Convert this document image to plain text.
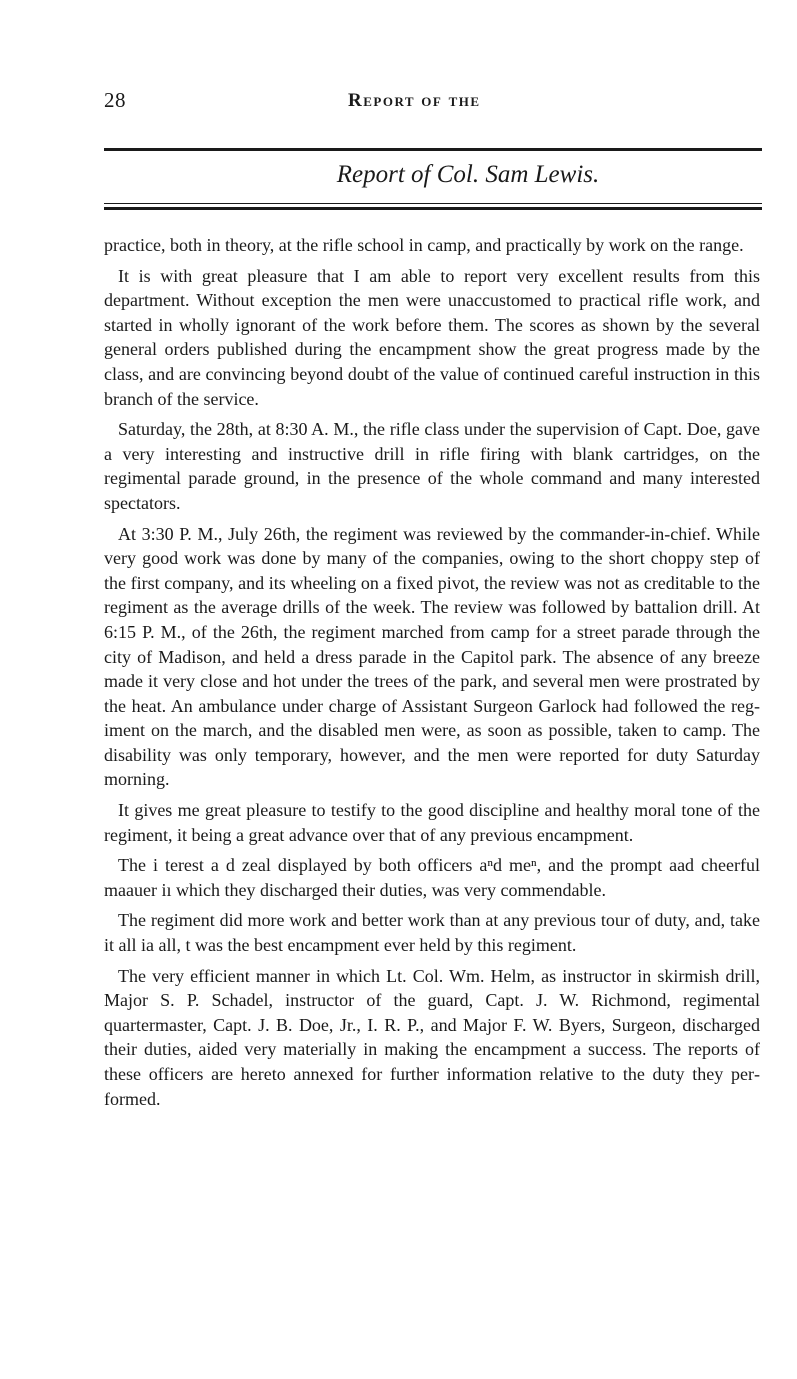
28	Report of the
Report of Col. Sam Lewis.

practice, both in theory, at the rifle school in camp, and practically by work on the range.

It is with great pleasure that I am able to report very excellent results from this department. Without exception the men were unaccustomed to practical rifle work, and started in wholly ignorant of the work before them. The scores as shown by the several general orders published during the encampment show the great progress made by the class, and are convincing beyond doubt of the value of continued careful instruction in this branch of the service.

Saturday, the 28th, at 8:30 A. M., the rifle class under the supervision of Capt. Doe, gave a very interesting and instructive drill in rifle firing with blank cartridges, on the regimental parade ground, in the presence of the whole command and many interested spectators.

At 3:30 P. M., July 26th, the regiment was reviewed by the commander-in-chief. While very good work was done by many of the companies, owing to the short choppy step of the first company, and its wheeling on a fixed pivot, the review was not as creditable to the regiment as the average drills of the week. The review was followed by battalion drill. At 6:15 P. M., of the 26th, the regiment marched from camp for a street parade through the city of Madison, and held a dress parade in the Capitol park. The absence of any breeze made it very close and hot under the trees of the park, and several men were prostrated by the heat. An ambulance under charge of Assistant Surgeon Garlock had followed the regiment on the march, and the disabled men were, as soon as possible, taken to camp. The disability was only temporary, however, and the men were reported for duty Saturday morning.

It gives me great pleasure to testify to the good discipline and healthy moral tone of the regiment, it being a great advance over that of any previous encampment.

The i terest a d zeal displayed by both officers aⁿd meⁿ, and the prompt aad cheerful maauer iı which they discharged their duties, was very commendable.

The regiment did more work and better work than at any previous tour of duty, and, take it all ia all, t was the best encampment ever held by this regiment.

The very efficient manner in which Lt. Col. Wm. Helm, as instructor in skirmish drill, Major S. P. Schadel, instructor of the guard, Capt. J. W. Richmond, regimental quartermaster, Capt. J. B. Doe, Jr., I. R. P., and Major F. W. Byers, Surgeon, discharged their duties, aided very materially in making the encampment a success. The reports of these officers are hereto annexed for further information relative to the duty they performed.
